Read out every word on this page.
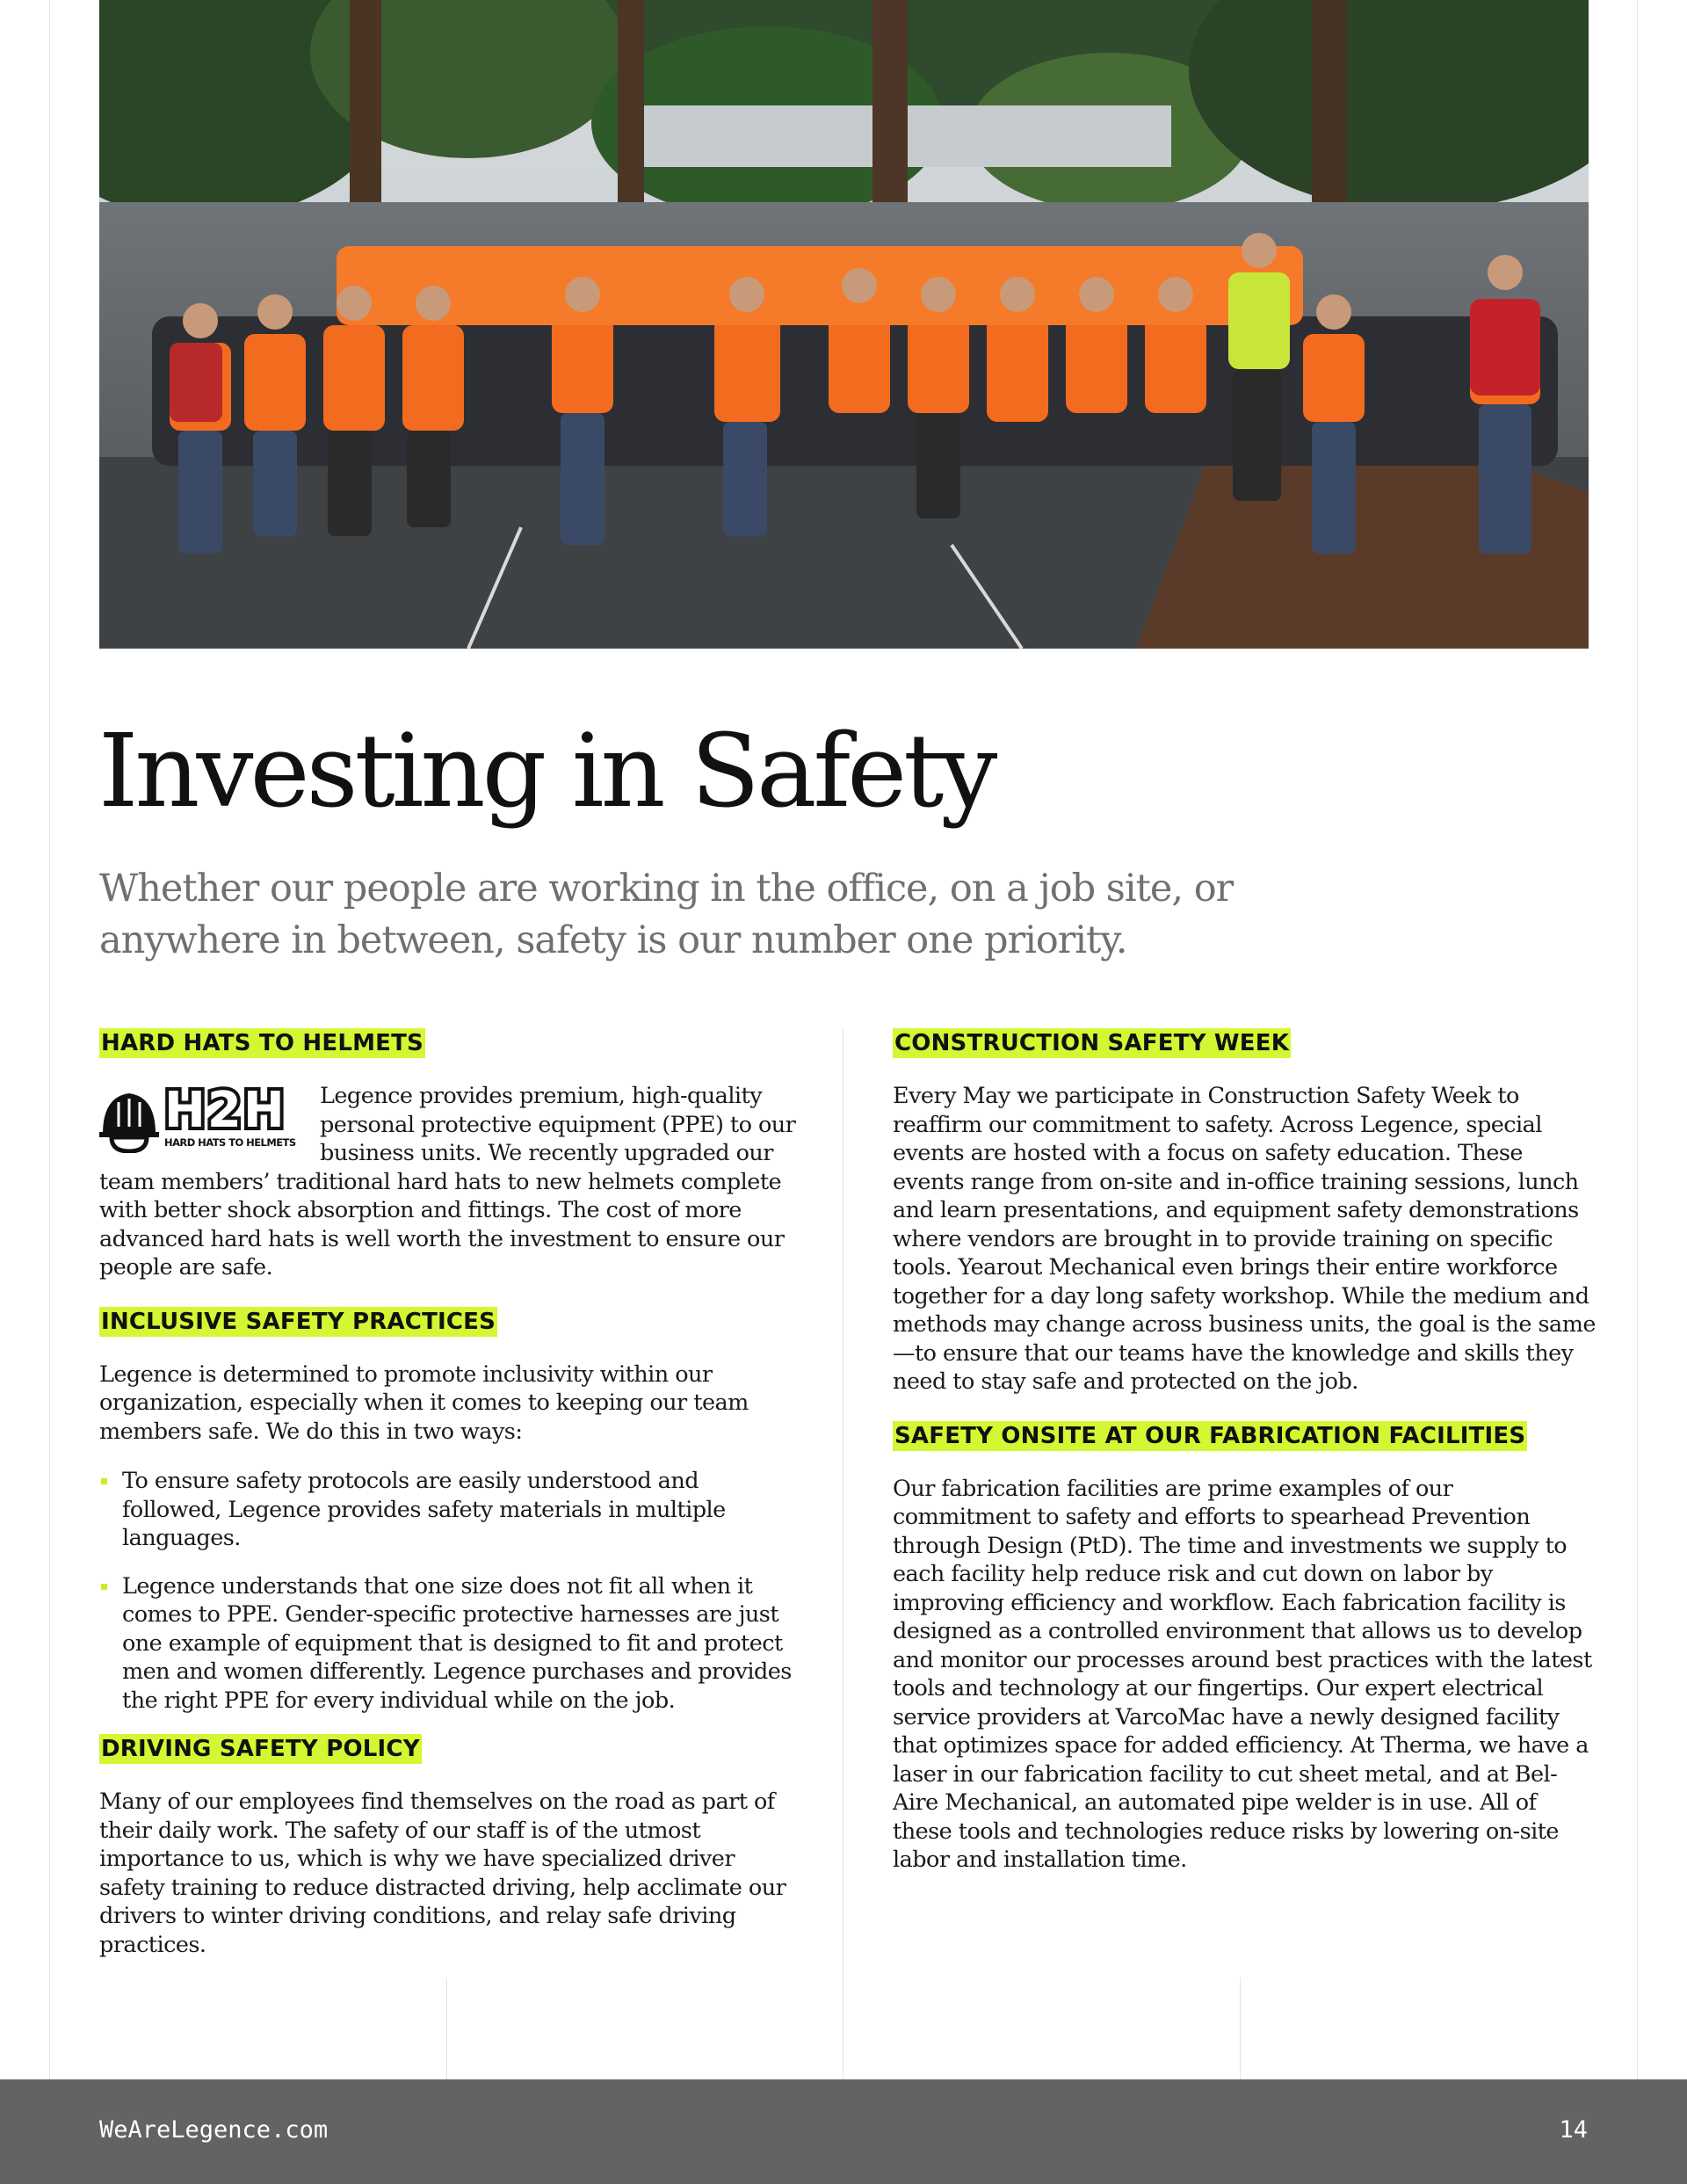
Investing in Safety

Whether our people are working in the office, on a job site, or anywhere in between, safety is our number one priority.

HARD HATS TO HELMETS
H2H
HARD HATS TO HELMETS
Legence provides premium, high-quality personal protective equipment (PPE) to our business units. We recently upgraded our team members’ traditional hard hats to new helmets complete with better shock absorption and fittings. The cost of more advanced hard hats is well worth the investment to ensure our people are safe.
INCLUSIVE SAFETY PRACTICES

Legence is determined to promote inclusivity within our organization, especially when it comes to keeping our team members safe. We do this in two ways:

To ensure safety protocols are easily understood and followed, Legence provides safety materials in multiple languages.
Legence understands that one size does not fit all when it comes to PPE. Gender-specific protective harnesses are just one example of equipment that is designed to fit and protect men and women differently. Legence purchases and provides the right PPE for every individual while on the job.
DRIVING SAFETY POLICY

Many of our employees find themselves on the road as part of their daily work. The safety of our staff is of the utmost importance to us, which is why we have specialized driver safety training to reduce distracted driving, help acclimate our drivers to winter driving conditions, and relay safe driving practices.

CONSTRUCTION SAFETY WEEK

Every May we participate in Construction Safety Week to reaffirm our commitment to safety. Across Legence, special events are hosted with a focus on safety education. These events range from on-site and in-office training sessions, lunch and learn presentations, and equipment safety demonstrations where vendors are brought in to provide training on specific tools. Yearout Mechanical even brings their entire workforce together for a day long safety workshop. While the medium and methods may change across business units, the goal is the same—to ensure that our teams have the knowledge and skills they need to stay safe and protected on the job.

SAFETY ONSITE AT OUR FABRICATION FACILITIES

Our fabrication facilities are prime examples of our commitment to safety and efforts to spearhead Prevention through Design (PtD). The time and investments we supply to each facility help reduce risk and cut down on labor by improving efficiency and workflow. Each fabrication facility is designed as a controlled environment that allows us to develop and monitor our processes around best practices with the latest tools and technology at our fingertips. Our expert electrical service providers at VarcoMac have a newly designed facility that optimizes space for added efficiency. At Therma, we have a laser in our fabrication facility to cut sheet metal, and at Bel-Aire Mechanical, an automated pipe welder is in use. All of these tools and technologies reduce risks by lowering on-site labor and installation time.

WeAreLegence.com	14
